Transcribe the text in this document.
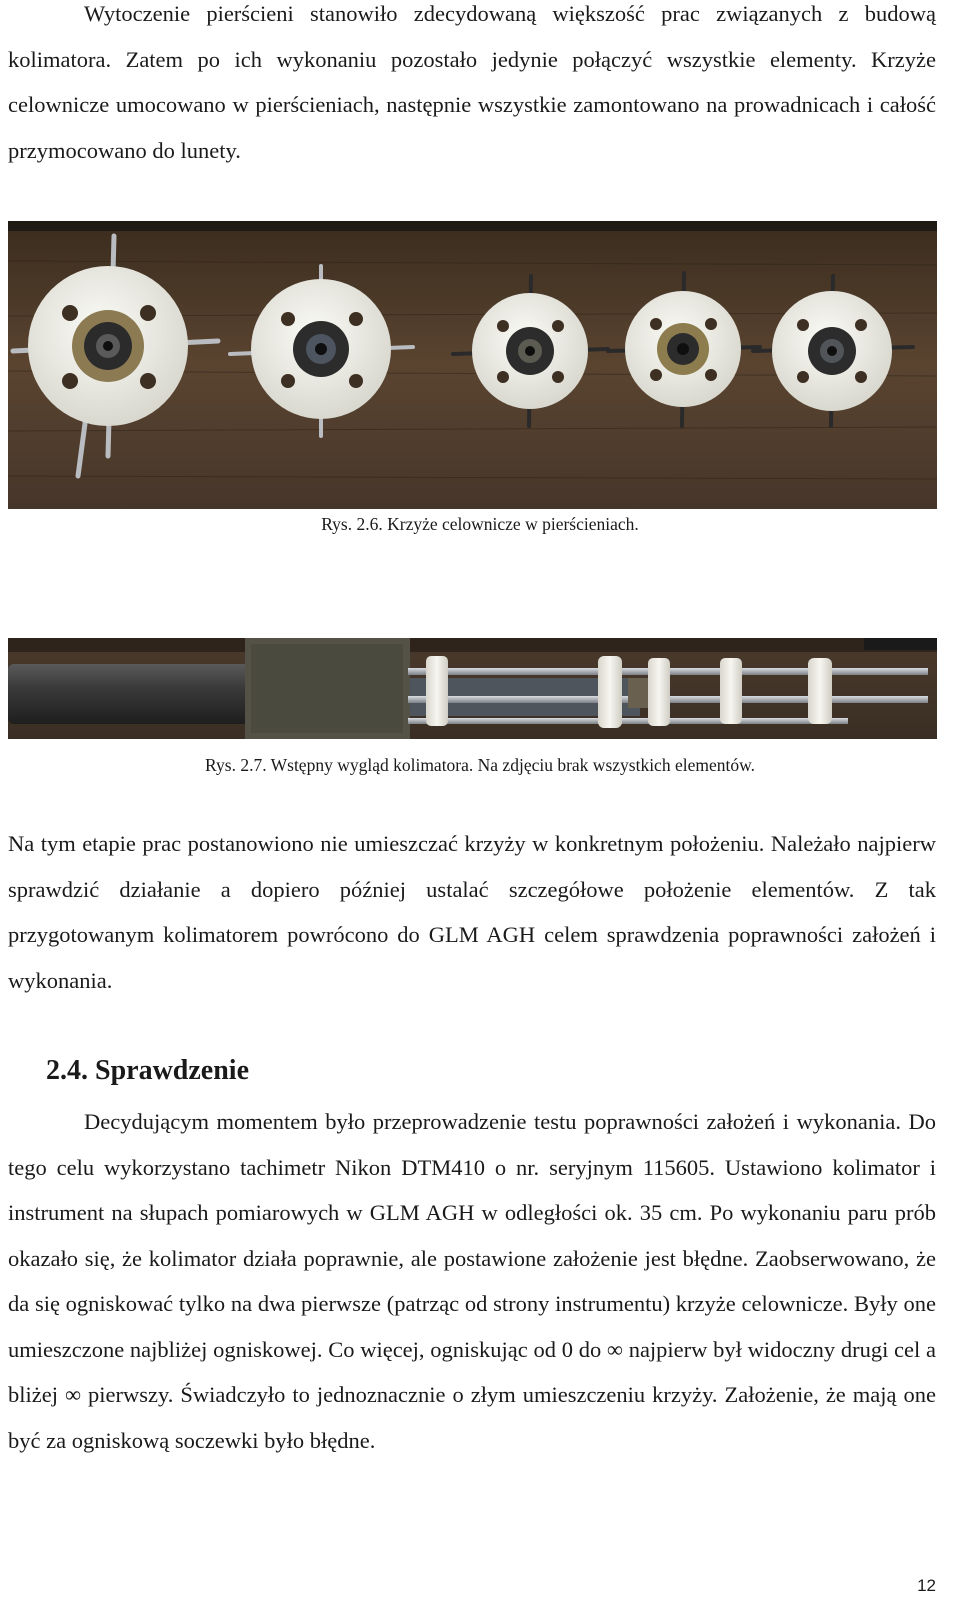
Wytoczenie pierścieni stanowiło zdecydowaną większość prac związanych z budową kolimatora. Zatem po ich wykonaniu pozostało jedynie połączyć wszystkie elementy. Krzyże celownicze umocowano w pierścieniach, następnie wszystkie zamontowano na prowadnicach i całość przymocowano do lunety.

Rys. 2.6. Krzyże celownicze w pierścieniach.

Rys. 2.7. Wstępny wygląd kolimatora. Na zdjęciu brak wszystkich elementów.

Na tym etapie prac postanowiono nie umieszczać krzyży w konkretnym położeniu. Należało najpierw sprawdzić działanie a dopiero później ustalać szczegółowe położenie elementów. Z tak przygotowanym kolimatorem powrócono do GLM AGH celem sprawdzenia poprawności założeń i wykonania.

2.4. Sprawdzenie

Decydującym momentem było przeprowadzenie testu poprawności założeń i wykonania. Do tego celu wykorzystano tachimetr Nikon DTM410 o nr. seryjnym 115605. Ustawiono kolimator i instrument na słupach pomiarowych w GLM AGH w odległości ok. 35 cm. Po wykonaniu paru prób okazało się, że kolimator działa poprawnie, ale postawione założenie jest błędne. Zaobserwowano, że da się ogniskować tylko na dwa pierwsze (patrząc od strony instrumentu) krzyże celownicze. Były one umieszczone najbliżej ogniskowej. Co więcej, ogniskując od 0 do ∞ najpierw był widoczny drugi cel a bliżej ∞ pierwszy. Świadczyło to jednoznacznie o złym umieszczeniu krzyży. Założenie, że mają one być za ogniskową soczewki było błędne.

12
